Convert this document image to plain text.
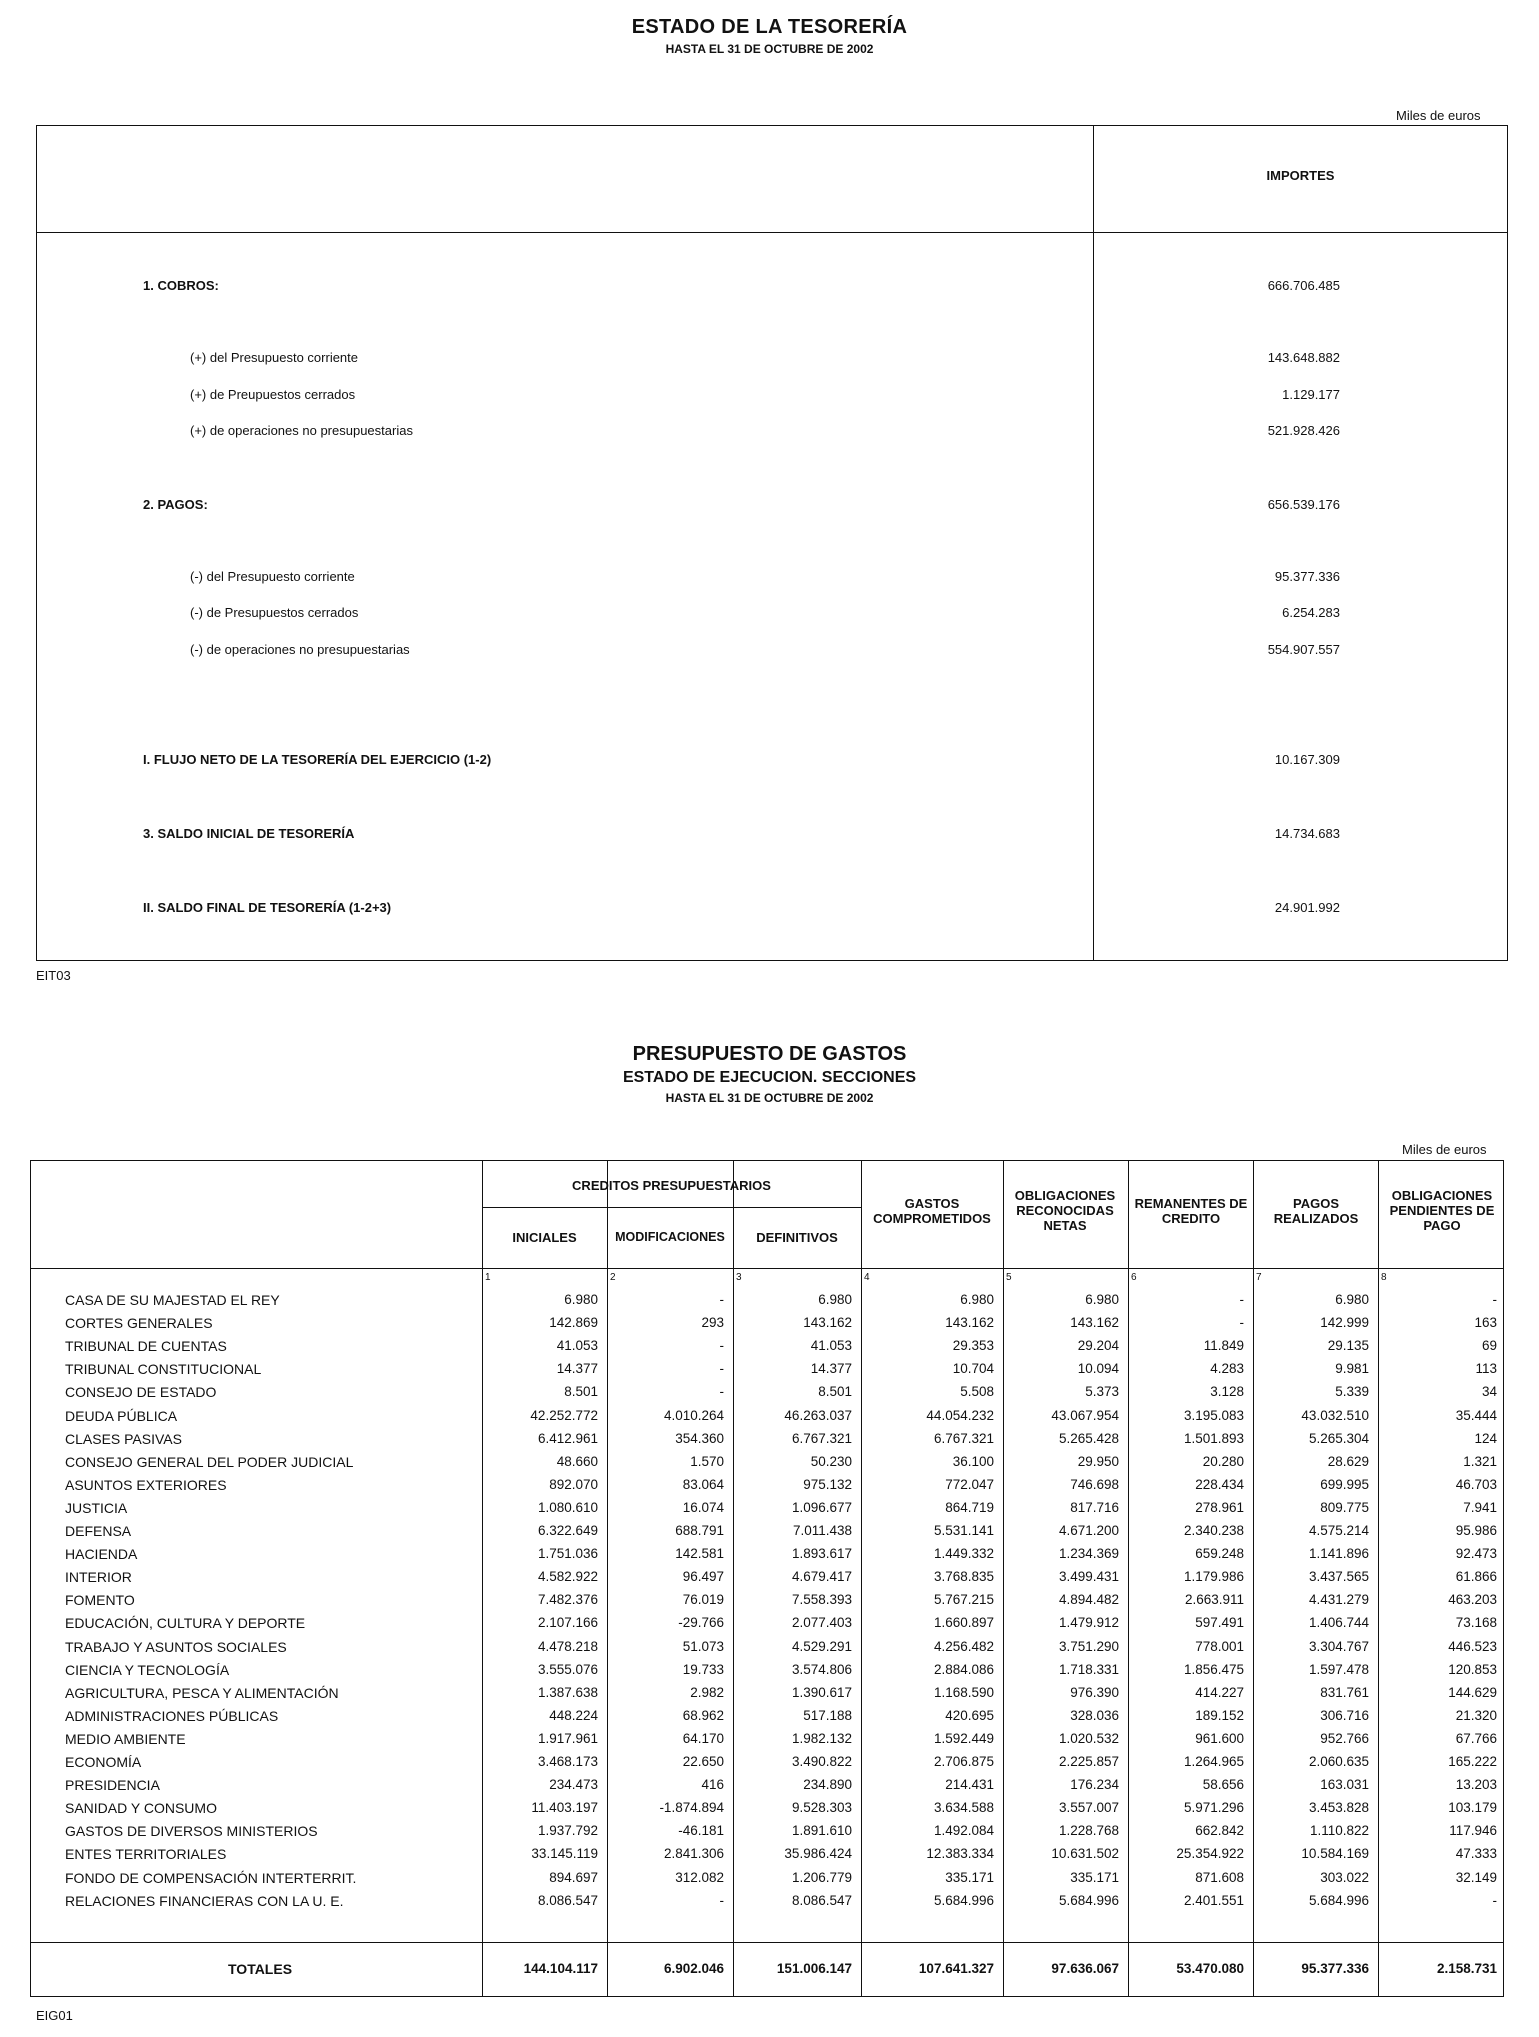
ESTADO DE LA TESORERÍA
HASTA EL 31 DE OCTUBRE DE 2002
Miles de euros
IMPORTES
1. COBROS:	666.706.485
(+) del Presupuesto corriente	143.648.882
(+) de Preupuestos cerrados	1.129.177
(+) de operaciones no presupuestarias	521.928.426
2. PAGOS:	656.539.176
(-) del Presupuesto corriente	95.377.336
(-) de Presupuestos cerrados	6.254.283
(-) de operaciones no presupuestarias	554.907.557
I. FLUJO NETO DE LA TESORERÍA DEL EJERCICIO (1-2)	10.167.309
3. SALDO INICIAL DE TESORERÍA	14.734.683
II. SALDO FINAL DE TESORERÍA (1-2+3)	24.901.992
EIT03
PRESUPUESTO DE GASTOS
ESTADO DE EJECUCION. SECCIONES
HASTA EL 31 DE OCTUBRE DE 2002
Miles de euros
CREDITOS PRESUPUESTARIOS
INICIALES	MODIFICACIONES	DEFINITIVOS
GASTOS COMPROMETIDOS
OBLIGACIONES RECONOCIDAS NETAS
REMANENTES DE CREDITO
PAGOS REALIZADOS
OBLIGACIONES PENDIENTES DE PAGO
1	2	3	4	5	6	7	8
CASA DE SU MAJESTAD EL REY	6.980	-	6.980	6.980	6.980	-	6.980	-
CORTES GENERALES	142.869	293	143.162	143.162	143.162	-	142.999	163
TRIBUNAL DE CUENTAS	41.053	-	41.053	29.353	29.204	11.849	29.135	69
TRIBUNAL CONSTITUCIONAL	14.377	-	14.377	10.704	10.094	4.283	9.981	113
CONSEJO DE ESTADO	8.501	-	8.501	5.508	5.373	3.128	5.339	34
DEUDA PÚBLICA	42.252.772	4.010.264	46.263.037	44.054.232	43.067.954	3.195.083	43.032.510	35.444
CLASES PASIVAS	6.412.961	354.360	6.767.321	6.767.321	5.265.428	1.501.893	5.265.304	124
CONSEJO GENERAL DEL PODER JUDICIAL	48.660	1.570	50.230	36.100	29.950	20.280	28.629	1.321
ASUNTOS EXTERIORES	892.070	83.064	975.132	772.047	746.698	228.434	699.995	46.703
JUSTICIA	1.080.610	16.074	1.096.677	864.719	817.716	278.961	809.775	7.941
DEFENSA	6.322.649	688.791	7.011.438	5.531.141	4.671.200	2.340.238	4.575.214	95.986
HACIENDA	1.751.036	142.581	1.893.617	1.449.332	1.234.369	659.248	1.141.896	92.473
INTERIOR	4.582.922	96.497	4.679.417	3.768.835	3.499.431	1.179.986	3.437.565	61.866
FOMENTO	7.482.376	76.019	7.558.393	5.767.215	4.894.482	2.663.911	4.431.279	463.203
EDUCACIÓN, CULTURA Y DEPORTE	2.107.166	-29.766	2.077.403	1.660.897	1.479.912	597.491	1.406.744	73.168
TRABAJO Y ASUNTOS SOCIALES	4.478.218	51.073	4.529.291	4.256.482	3.751.290	778.001	3.304.767	446.523
CIENCIA Y TECNOLOGÍA	3.555.076	19.733	3.574.806	2.884.086	1.718.331	1.856.475	1.597.478	120.853
AGRICULTURA, PESCA Y ALIMENTACIÓN	1.387.638	2.982	1.390.617	1.168.590	976.390	414.227	831.761	144.629
ADMINISTRACIONES PÚBLICAS	448.224	68.962	517.188	420.695	328.036	189.152	306.716	21.320
MEDIO AMBIENTE	1.917.961	64.170	1.982.132	1.592.449	1.020.532	961.600	952.766	67.766
ECONOMÍA	3.468.173	22.650	3.490.822	2.706.875	2.225.857	1.264.965	2.060.635	165.222
PRESIDENCIA	234.473	416	234.890	214.431	176.234	58.656	163.031	13.203
SANIDAD Y CONSUMO	11.403.197	-1.874.894	9.528.303	3.634.588	3.557.007	5.971.296	3.453.828	103.179
GASTOS DE DIVERSOS MINISTERIOS	1.937.792	-46.181	1.891.610	1.492.084	1.228.768	662.842	1.110.822	117.946
ENTES TERRITORIALES	33.145.119	2.841.306	35.986.424	12.383.334	10.631.502	25.354.922	10.584.169	47.333
FONDO DE COMPENSACIÓN INTERTERRIT.	894.697	312.082	1.206.779	335.171	335.171	871.608	303.022	32.149
RELACIONES FINANCIERAS CON LA U. E.	8.086.547	-	8.086.547	5.684.996	5.684.996	2.401.551	5.684.996	-
TOTALES	144.104.117	6.902.046	151.006.147	107.641.327	97.636.067	53.470.080	95.377.336	2.158.731
EIG01
